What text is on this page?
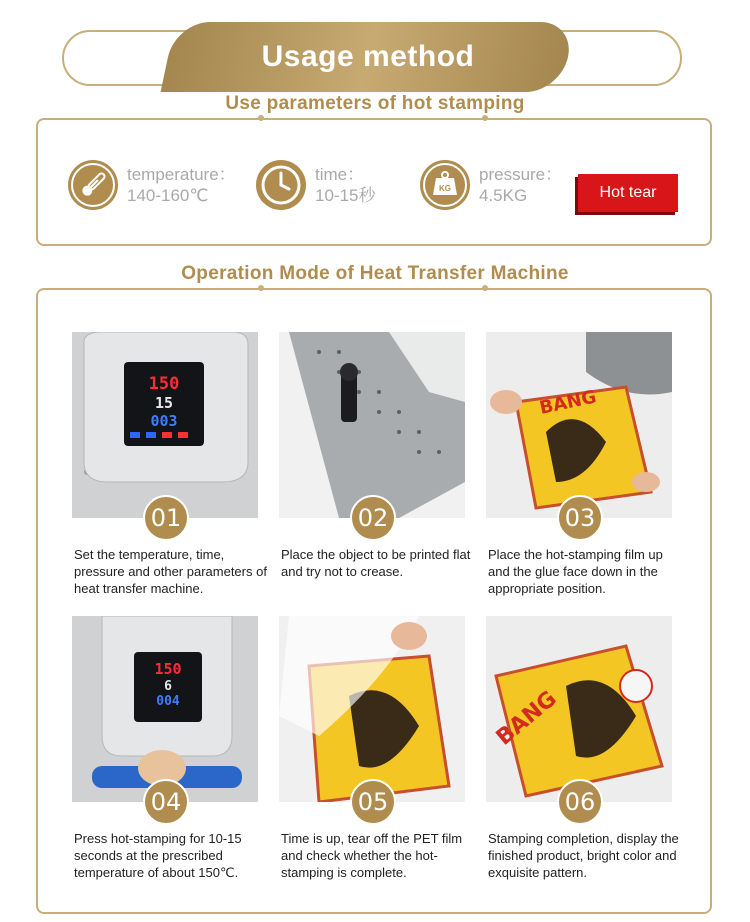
Usage method
Use parameters of hot stamping
temperature：
140-160℃
time：
10-15秒	KG
pressure：
4.5KG	Hot tear
Operation Mode of Heat Transfer Machine
150
15
003
01
Set the temperature, time, pressure and other parameters of heat transfer machine.
02
Place the object to be printed flat and try not to crease.
BANG
03
Place the hot-stamping film up and the glue face down in the appropriate position.
150
6
004
04
Press hot-stamping for 10-15 seconds at the prescribed temperature of about 150℃.
05
Time is up, tear off the PET film and check whether the hot-stamping is complete.
BANG
06
Stamping completion, display the finished product, bright color and exquisite pattern.
